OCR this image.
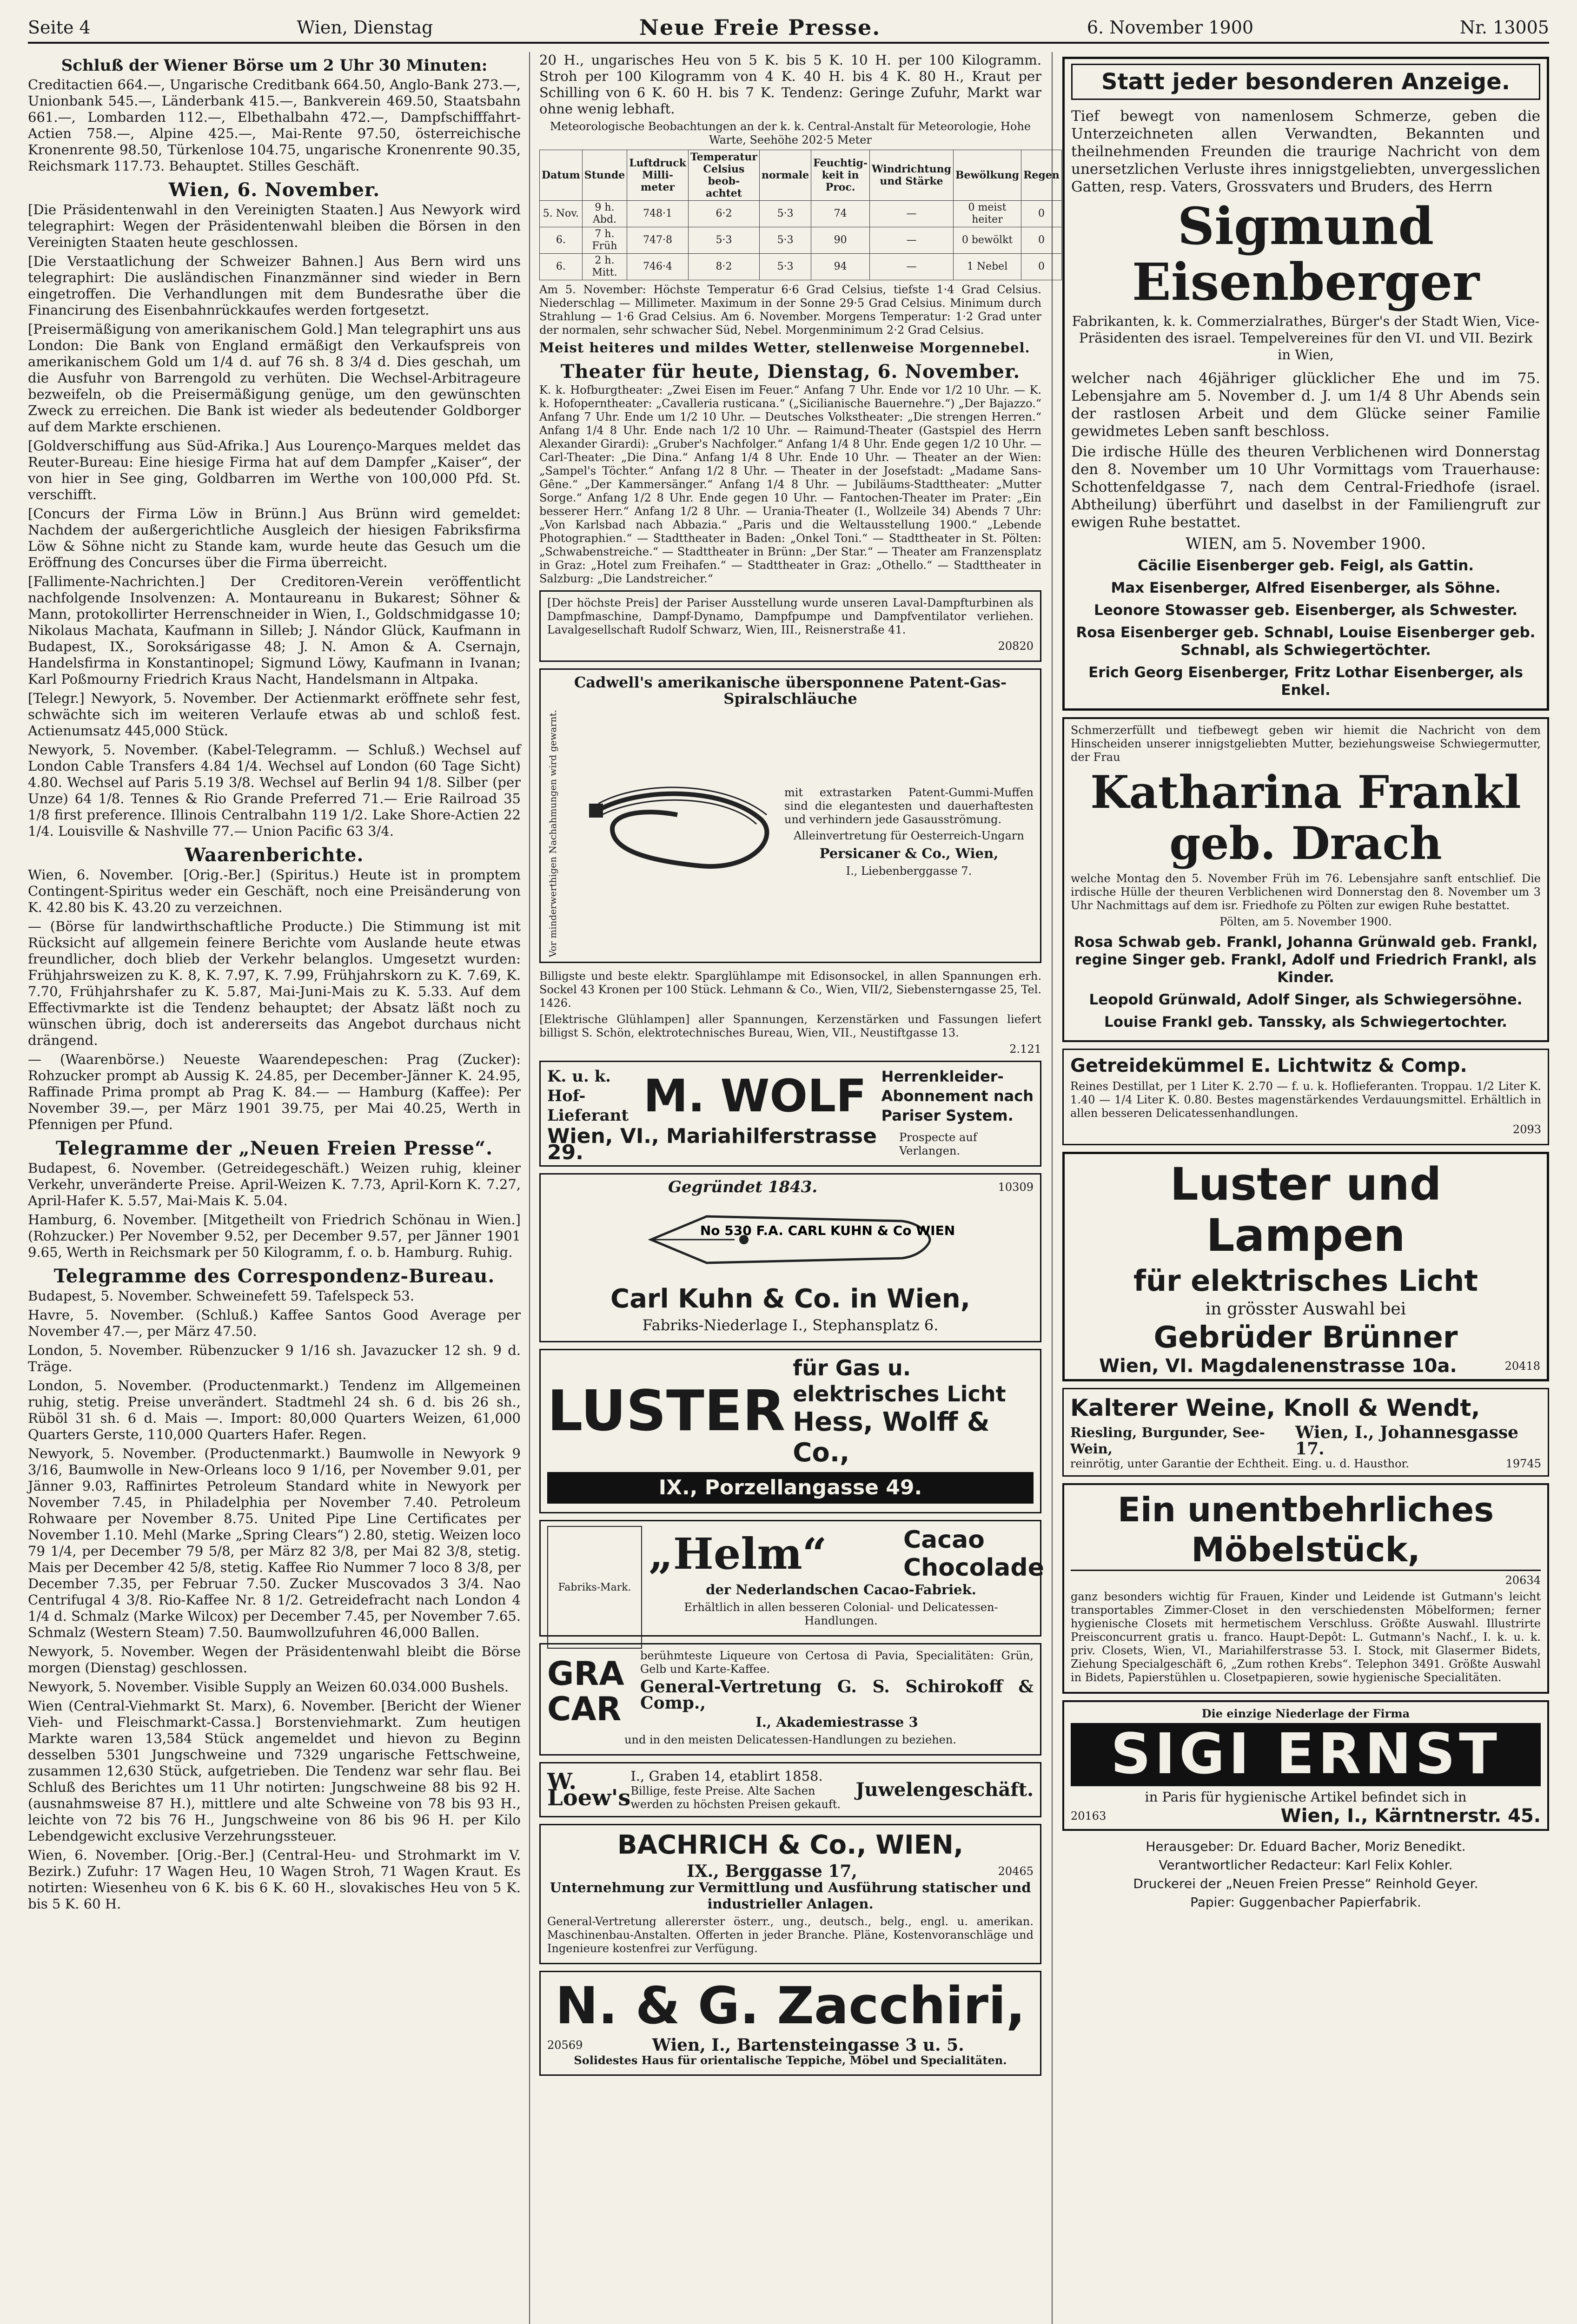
Seite 4	Wien, Dienstag	Neue Freie Presse.	6. November 1900	Nr. 13005
Schluß der Wiener Börse um 2 Uhr 30 Minuten:

Creditactien 664.—, Ungarische Creditbank 664.50, Anglo-Bank 273.—, Unionbank 545.—, Länderbank 415.—, Bankverein 469.50, Staatsbahn 661.—, Lombarden 112.—, Elbethalbahn 472.—, Dampfschifffahrt-Actien 758.—, Alpine 425.—, Mai-Rente 97.50, österreichische Kronenrente 98.50, Türkenlose 104.75, ungarische Kronenrente 90.35, Reichsmark 117.73. Behauptet. Stilles Geschäft.

Wien, 6. November.

[Die Präsidentenwahl in den Vereinigten Staaten.] Aus Newyork wird telegraphirt: Wegen der Präsidentenwahl bleiben die Börsen in den Vereinigten Staaten heute geschlossen.

[Die Verstaatlichung der Schweizer Bahnen.] Aus Bern wird uns telegraphirt: Die ausländischen Finanzmänner sind wieder in Bern eingetroffen. Die Verhandlungen mit dem Bundesrathe über die Financirung des Eisenbahnrückkaufes werden fortgesetzt.

[Preisermäßigung von amerikanischem Gold.] Man telegraphirt uns aus London: Die Bank von England ermäßigt den Verkaufspreis von amerikanischem Gold um 1/4 d. auf 76 sh. 8 3/4 d. Dies geschah, um die Ausfuhr von Barrengold zu verhüten. Die Wechsel-Arbitrageure bezweifeln, ob die Preisermäßigung genüge, um den gewünschten Zweck zu erreichen. Die Bank ist wieder als bedeutender Goldborger auf dem Markte erschienen.

[Goldverschiffung aus Süd-Afrika.] Aus Lourenço-Marques meldet das Reuter-Bureau: Eine hiesige Firma hat auf dem Dampfer „Kaiser“, der von hier in See ging, Goldbarren im Werthe von 100,000 Pfd. St. verschifft.

[Concurs der Firma Löw in Brünn.] Aus Brünn wird gemeldet: Nachdem der außergerichtliche Ausgleich der hiesigen Fabriksfirma Löw & Söhne nicht zu Stande kam, wurde heute das Gesuch um die Eröffnung des Concurses über die Firma überreicht.

[Fallimente-Nachrichten.] Der Creditoren-Verein veröffentlicht nachfolgende Insolvenzen: A. Montaureanu in Bukarest; Söhner & Mann, protokollirter Herrenschneider in Wien, I., Goldschmidgasse 10; Nikolaus Machata, Kaufmann in Silleb; J. Nándor Glück, Kaufmann in Budapest, IX., Soroksárigasse 48; J. N. Amon & A. Csernajn, Handelsfirma in Konstantinopel; Sigmund Löwy, Kaufmann in Ivanan; Karl Poßmourny Friedrich Kraus Nacht, Handelsmann in Altpaka.

[Telegr.] Newyork, 5. November. Der Actienmarkt eröffnete sehr fest, schwächte sich im weiteren Verlaufe etwas ab und schloß fest. Actienumsatz 445,000 Stück.

Newyork, 5. November. (Kabel-Telegramm. — Schluß.) Wechsel auf London Cable Transfers 4.84 1/4. Wechsel auf London (60 Tage Sicht) 4.80. Wechsel auf Paris 5.19 3/8. Wechsel auf Berlin 94 1/8. Silber (per Unze) 64 1/8. Tennes & Rio Grande Preferred 71.— Erie Railroad 35 1/8 first preference. Illinois Centralbahn 119 1/2. Lake Shore-Actien 22 1/4. Louisville & Nashville 77.— Union Pacific 63 3/4.

Waarenberichte.

Wien, 6. November. [Orig.-Ber.] (Spiritus.) Heute ist in promptem Contingent-Spiritus weder ein Geschäft, noch eine Preisänderung von K. 42.80 bis K. 43.20 zu verzeichnen.

— (Börse für landwirthschaftliche Producte.) Die Stimmung ist mit Rücksicht auf allgemein feinere Berichte vom Auslande heute etwas freundlicher, doch blieb der Verkehr belanglos. Umgesetzt wurden: Frühjahrsweizen zu K. 8, K. 7.97, K. 7.99, Frühjahrskorn zu K. 7.69, K. 7.70, Frühjahrshafer zu K. 5.87, Mai-Juni-Mais zu K. 5.33. Auf dem Effectivmarkte ist die Tendenz behauptet; der Absatz läßt noch zu wünschen übrig, doch ist andererseits das Angebot durchaus nicht drängend.

— (Waarenbörse.) Neueste Waarendepeschen: Prag (Zucker): Rohzucker prompt ab Aussig K. 24.85, per December-Jänner K. 24.95, Raffinade Prima prompt ab Prag K. 84.— — Hamburg (Kaffee): Per November 39.—, per März 1901 39.75, per Mai 40.25, Werth in Pfennigen per Pfund.

Telegramme der „Neuen Freien Presse“.

Budapest, 6. November. (Getreidegeschäft.) Weizen ruhig, kleiner Verkehr, unveränderte Preise. April-Weizen K. 7.73, April-Korn K. 7.27, April-Hafer K. 5.57, Mai-Mais K. 5.04.

Hamburg, 6. November. [Mitgetheilt von Friedrich Schönau in Wien.] (Rohzucker.) Per November 9.52, per December 9.57, per Jänner 1901 9.65, Werth in Reichsmark per 50 Kilogramm, f. o. b. Hamburg. Ruhig.

Telegramme des Correspondenz-Bureau.

Budapest, 5. November. Schweinefett 59. Tafelspeck 53.

Havre, 5. November. (Schluß.) Kaffee Santos Good Average per November 47.—, per März 47.50.

London, 5. November. Rübenzucker 9 1/16 sh. Javazucker 12 sh. 9 d. Träge.

London, 5. November. (Productenmarkt.) Tendenz im Allgemeinen ruhig, stetig. Preise unverändert. Stadtmehl 24 sh. 6 d. bis 26 sh., Rüböl 31 sh. 6 d. Mais —. Import: 80,000 Quarters Weizen, 61,000 Quarters Gerste, 110,000 Quarters Hafer. Regen.

Newyork, 5. November. (Productenmarkt.) Baumwolle in Newyork 9 3/16, Baumwolle in New-Orleans loco 9 1/16, per November 9.01, per Jänner 9.03, Raffinirtes Petroleum Standard white in Newyork per November 7.45, in Philadelphia per November 7.40. Petroleum Rohwaare per November 8.75. United Pipe Line Certificates per November 1.10. Mehl (Marke „Spring Clears“) 2.80, stetig. Weizen loco 79 1/4, per December 79 5/8, per März 82 3/8, per Mai 82 3/8, stetig. Mais per December 42 5/8, stetig. Kaffee Rio Nummer 7 loco 8 3/8, per December 7.35, per Februar 7.50. Zucker Muscovados 3 3/4. Nao Centrifugal 4 3/8. Rio-Kaffee Nr. 8 1/2. Getreidefracht nach London 4 1/4 d. Schmalz (Marke Wilcox) per December 7.45, per November 7.65. Schmalz (Western Steam) 7.50. Baumwollzufuhren 46,000 Ballen.

Newyork, 5. November. Wegen der Präsidentenwahl bleibt die Börse morgen (Dienstag) geschlossen.

Newyork, 5. November. Visible Supply an Weizen 60.034.000 Bushels.

Wien (Central-Viehmarkt St. Marx), 6. November. [Bericht der Wiener Vieh- und Fleischmarkt-Cassa.] Borstenviehmarkt. Zum heutigen Markte waren 13,584 Stück angemeldet und hievon zu Beginn desselben 5301 Jungschweine und 7329 ungarische Fettschweine, zusammen 12,630 Stück, aufgetrieben. Die Tendenz war sehr flau. Bei Schluß des Berichtes um 11 Uhr notirten: Jungschweine 88 bis 92 H. (ausnahmsweise 87 H.), mittlere und alte Schweine von 78 bis 93 H., leichte von 72 bis 76 H., Jungschweine von 86 bis 96 H. per Kilo Lebendgewicht exclusive Verzehrungssteuer.

Wien, 6. November. [Orig.-Ber.] (Central-Heu- und Strohmarkt im V. Bezirk.) Zufuhr: 17 Wagen Heu, 10 Wagen Stroh, 71 Wagen Kraut. Es notirten: Wiesenheu von 6 K. bis 6 K. 60 H., slovakisches Heu von 5 K. bis 5 K. 60 H.

20 H., ungarisches Heu von 5 K. bis 5 K. 10 H. per 100 Kilogramm. Stroh per 100 Kilogramm von 4 K. 40 H. bis 4 K. 80 H., Kraut per Schilling von 6 K. 60 H. bis 7 K. Tendenz: Geringe Zufuhr, Markt war ohne wenig lebhaft.

Meteorologische Beobachtungen an der k. k. Central-Anstalt für Meteorologie, Hohe Warte, Seehöhe 202·5 Meter

Datum	Stunde	Luftdruck Milli-meter	Temperatur Celsius beob-achtet	normale	Feuchtig-keit in Proc.	Windrichtung und Stärke	Bewölkung	Regen
5. Nov.	9 h. Abd.	748·1	6·2	5·3	74	—	0 meist heiter	0
6.	7 h. Früh	747·8	5·3	5·3	90	—	0 bewölkt	0
6.	2 h. Mitt.	746·4	8·2	5·3	94	—	1 Nebel	0

Am 5. November: Höchste Temperatur 6·6 Grad Celsius, tiefste 1·4 Grad Celsius. Niederschlag — Millimeter. Maximum in der Sonne 29·5 Grad Celsius. Minimum durch Strahlung — 1·6 Grad Celsius. Am 6. November. Morgens Temperatur: 1·2 Grad unter der normalen, sehr schwacher Süd, Nebel. Morgenminimum 2·2 Grad Celsius.

Meist heiteres und mildes Wetter, stellenweise Morgennebel.

Theater für heute, Dienstag, 6. November.

K. k. Hofburgtheater: „Zwei Eisen im Feuer.“ Anfang 7 Uhr. Ende vor 1/2 10 Uhr. — K. k. Hofoperntheater: „Cavalleria rusticana.“ („Sicilianische Bauernehre.“) „Der Bajazzo.“ Anfang 7 Uhr. Ende um 1/2 10 Uhr. — Deutsches Volkstheater: „Die strengen Herren.“ Anfang 1/4 8 Uhr. Ende nach 1/2 10 Uhr. — Raimund-Theater (Gastspiel des Herrn Alexander Girardi): „Gruber's Nachfolger.“ Anfang 1/4 8 Uhr. Ende gegen 1/2 10 Uhr. — Carl-Theater: „Die Dina.“ Anfang 1/4 8 Uhr. Ende 10 Uhr. — Theater an der Wien: „Sampel's Töchter.“ Anfang 1/2 8 Uhr. — Theater in der Josefstadt: „Madame Sans-Gêne.“ „Der Kammersänger.“ Anfang 1/4 8 Uhr. — Jubiläums-Stadttheater: „Mutter Sorge.“ Anfang 1/2 8 Uhr. Ende gegen 10 Uhr. — Fantochen-Theater im Prater: „Ein besserer Herr.“ Anfang 1/2 8 Uhr. — Urania-Theater (I., Wollzeile 34) Abends 7 Uhr: „Von Karlsbad nach Abbazia.“ „Paris und die Weltausstellung 1900.“ „Lebende Photographien.“ — Stadttheater in Baden: „Onkel Toni.“ — Stadttheater in St. Pölten: „Schwabenstreiche.“ — Stadttheater in Brünn: „Der Star.“ — Theater am Franzensplatz in Graz: „Hotel zum Freihafen.“ — Stadttheater in Graz: „Othello.“ — Stadttheater in Salzburg: „Die Landstreicher.“

[Der höchste Preis] der Pariser Ausstellung wurde unseren Laval-Dampfturbinen als Dampfmaschine, Dampf-Dynamo, Dampfpumpe und Dampfventilator verliehen. Lavalgesellschaft Rudolf Schwarz, Wien, III., Reisnerstraße 41.

20820

Cadwell's amerikanische übersponnene Patent-Gas-Spiralschläuche

Vor minderwerthigen Nachahmungen wird gewarnt.	mit extrastarken Patent-Gummi-Muffen sind die elegantesten und dauerhaftesten und verhindern jede Gasausströmung.

Alleinvertretung für Oesterreich-Ungarn

Persicaner & Co., Wien,

I., Liebenberggasse 7.

Billigste und beste elektr. Sparglühlampe mit Edisonsockel, in allen Spannungen erh. Sockel 43 Kronen per 100 Stück. Lehmann & Co., Wien, VII/2, Siebensterngasse 25, Tel. 1426.

[Elektrische Glühlampen] aller Spannungen, Kerzenstärken und Fassungen liefert billigst S. Schön, elektrotechnisches Bureau, Wien, VII., Neustiftgasse 13.

2.121

K. u. k.
Hof-
Lieferant M. WOLF Herrenkleider-
Abonnement nach
Pariser System.
Wien, VI., Mariahilferstrasse 29.
Prospecte auf Verlangen.
Gegründet 1843.	10309
No 530 F.A. CARL KUHN & Co WIEN

Carl Kuhn & Co. in Wien,

Fabriks-Niederlage I., Stephansplatz 6.

LUSTER
für Gas u. elektrisches Licht
Hess, Wolff & Co.,
IX., Porzellangasse 49.
Fabriks-Mark.
„Helm“	Cacao Chocolade

der Nederlandschen Cacao-Fabriek.

Erhältlich in allen besseren Colonial- und Delicatessen-Handlungen.

GRA CAR

berühmteste Liqueure von Certosa di Pavia, Specialitäten: Grün, Gelb und Karte-Kaffee.

General-Vertretung G. S. Schirokoff & Comp.,

I., Akademiestrasse 3

und in den meisten Delicatessen-Handlungen zu beziehen.

W. Loew's
I., Graben 14, etablirt 1858.
Billige, feste Preise. Alte Sachen werden zu höchsten Preisen gekauft.
Juwelengeschäft.

BACHRICH & Co., WIEN,

IX., Berggasse 17,	20465

Unternehmung zur Vermittlung und Ausführung statischer und industrieller Anlagen.

General-Vertretung allererster österr., ung., deutsch., belg., engl. u. amerikan. Maschinenbau-Anstalten. Offerten in jeder Branche. Pläne, Kostenvoranschläge und Ingenieure kostenfrei zur Verfügung.

N. & G. Zacchiri,

20569	Wien, I., Bartensteingasse 3 u. 5.

Solidestes Haus für orientalische Teppiche, Möbel und Specialitäten.

Statt jeder besonderen Anzeige.

Tief bewegt von namenlosem Schmerze, geben die Unterzeichneten allen Verwandten, Bekannten und theilnehmenden Freunden die traurige Nachricht von dem unersetzlichen Verluste ihres innigstgeliebten, unvergesslichen Gatten, resp. Vaters, Grossvaters und Bruders, des Herrn

Sigmund Eisenberger

Fabrikanten, k. k. Commerzialrathes, Bürger's der Stadt Wien, Vice-Präsidenten des israel. Tempelvereines für den VI. und VII. Bezirk in Wien,

welcher nach 46jähriger glücklicher Ehe und im 75. Lebensjahre am 5. November d. J. um 1/4 8 Uhr Abends sein der rastlosen Arbeit und dem Glücke seiner Familie gewidmetes Leben sanft beschloss.

Die irdische Hülle des theuren Verblichenen wird Donnerstag den 8. November um 10 Uhr Vormittags vom Trauerhause: Schottenfeldgasse 7, nach dem Central-Friedhofe (israel. Abtheilung) überführt und daselbst in der Familiengruft zur ewigen Ruhe bestattet.

WIEN, am 5. November 1900.

Cäcilie Eisenberger geb. Feigl, als Gattin.

Max Eisenberger, Alfred Eisenberger, als Söhne.

Leonore Stowasser geb. Eisenberger, als Schwester.

Rosa Eisenberger geb. Schnabl, Louise Eisenberger geb. Schnabl, als Schwiegertöchter.

Erich Georg Eisenberger, Fritz Lothar Eisenberger, als Enkel.

Schmerzerfüllt und tiefbewegt geben wir hiemit die Nachricht von dem Hinscheiden unserer innigstgeliebten Mutter, beziehungsweise Schwiegermutter, der Frau

Katharina Frankl geb. Drach

welche Montag den 5. November Früh im 76. Lebensjahre sanft entschlief. Die irdische Hülle der theuren Verblichenen wird Donnerstag den 8. November um 3 Uhr Nachmittags auf dem isr. Friedhofe zu Pölten zur ewigen Ruhe bestattet.

Pölten, am 5. November 1900.

Rosa Schwab geb. Frankl, Johanna Grünwald geb. Frankl, regine Singer geb. Frankl, Adolf und Friedrich Frankl, als Kinder.

Leopold Grünwald, Adolf Singer, als Schwiegersöhne.

Louise Frankl geb. Tanssky, als Schwiegertochter.

Getreidekümmel E. Lichtwitz & Comp.

Reines Destillat, per 1 Liter K. 2.70 — f. u. k. Hoflieferanten. Troppau. 1/2 Liter K. 1.40 — 1/4 Liter K. 0.80. Bestes magenstärkendes Verdauungsmittel. Erhältlich in allen besseren Delicatessenhandlungen.

2093

Luster und Lampen

für elektrisches Licht

in grösster Auswahl bei

Gebrüder Brünner

Wien, VI. Magdalenenstrasse 10a.	20418

Kalterer Weine, Knoll & Wendt,

Riesling, Burgunder, See-Wein,
Wien, I., Johannesgasse 17.
reinrötig, unter Garantie der Echtheit. Eing. u. d. Hausthor.	19745

Ein unentbehrliches Möbelstück,

20634

ganz besonders wichtig für Frauen, Kinder und Leidende ist Gutmann's leicht transportables Zimmer-Closet in den verschiedensten Möbelformen; ferner hygienische Closets mit hermetischem Verschluss. Größte Auswahl. Illustrirte Preisconcurrent gratis u. franco. Haupt-Depôt: L. Gutmann's Nachf., I. k. u. k. priv. Closets, Wien, VI., Mariahilferstrasse 53. I. Stock, mit Glasermer Bidets, Ziehung Specialgeschäft 6, „Zum rothen Krebs“. Telephon 3491. Größte Auswahl in Bidets, Papierstühlen u. Closetpapieren, sowie hygienische Specialitäten.

Die einzige Niederlage der Firma

SIGI ERNST

in Paris für hygienische Artikel befindet sich in

20163	Wien, I., Kärntnerstr. 45.
Herausgeber: Dr. Eduard Bacher, Moriz Benedikt.
Verantwortlicher Redacteur: Karl Felix Kohler.
Druckerei der „Neuen Freien Presse“ Reinhold Geyer.
Papier: Guggenbacher Papierfabrik.
